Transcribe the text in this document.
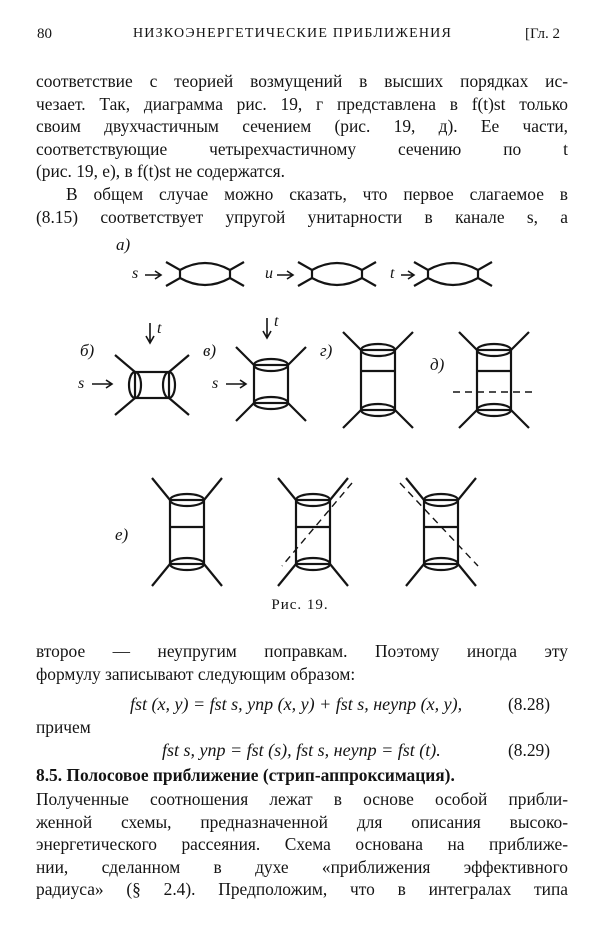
80	НИЗКОЭНЕРГЕТИЧЕСКИЕ ПРИБЛИЖЕНИЯ	[Гл. 2
соответствие с теорией возмущений в высших порядках ис-
чезает. Так, диаграмма рис. 19, г представлена в f(t)st только
своим двухчастичным сечением (рис. 19, д). Ее части,
соответствующие четырехчастичному сечению по t
(рис. 19, е), в f(t)st не содержатся.
В общем случае можно сказать, что первое слагаемое в
(8.15) соответствует упругой унитарности в канале s, а
а)
s	u	t
б)
s
t
в)
s
t
г)
д)
е)
Рис. 19.
второе — неупругим поправкам. Поэтому иногда эту
формулу записывают следующим образом:
fst (x, y) = fst s, упр (x, y) + fst s, неупр (x, y),	(8.28)
причем
fst s, упр = fst (s), fst s, неупр = fst (t).	(8.29)
8.5. Полосовое приближение (стрип-аппроксимация).
Полученные соотношения лежат в основе особой прибли-
женной схемы, предназначенной для описания высоко-
энергетического рассеяния. Схема основана на приближе-
нии, сделанном в духе «приближения эффективного
радиуса» (§ 2.4). Предположим, что в интегралах типа
